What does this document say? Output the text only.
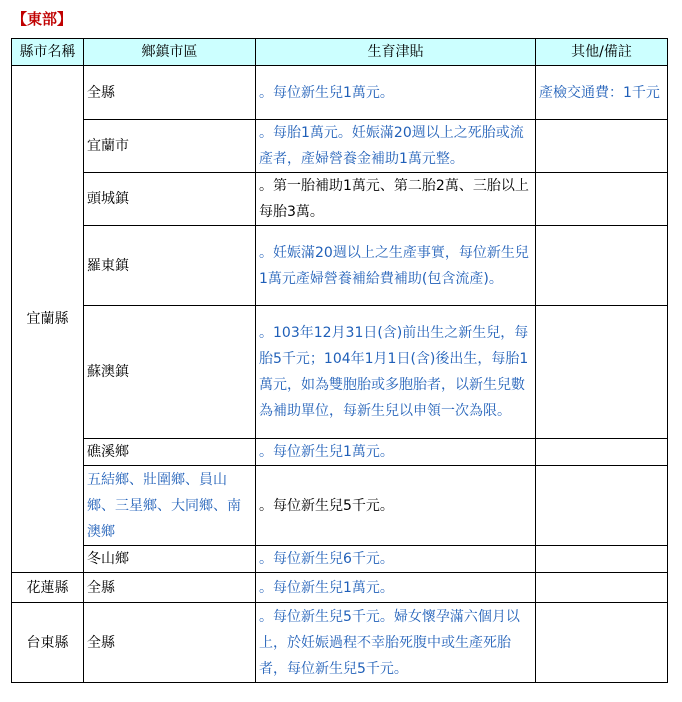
【東部】
縣市名稱	鄉鎮市區	生育津貼	其他/備註
宜蘭縣	全縣	。每位新生兒1萬元。	產檢交通費：1千元
	宜蘭市	。每胎1萬元。妊娠滿20週以上之死胎或流產者，產婦營養金補助1萬元整。	
	頭城鎮	。第一胎補助1萬元、第二胎2萬、三胎以上每胎3萬。	
	羅東鎮	。妊娠滿20週以上之生產事實，每位新生兒1萬元產婦營養補給費補助(包含流產)。	
	蘇澳鎮	。103年12月31日(含)前出生之新生兒，每胎5千元；104年1月1日(含)後出生，每胎1萬元，如為雙胞胎或多胞胎者，以新生兒數為補助單位，每新生兒以申領一次為限。	
	礁溪鄉	。每位新生兒1萬元。	
	五結鄉、壯圍鄉、員山鄉、三星鄉、大同鄉、南澳鄉	。每位新生兒5千元。	
	冬山鄉	。每位新生兒6千元。	
花蓮縣	全縣	。每位新生兒1萬元。	
台東縣	全縣	。每位新生兒5千元。婦女懷孕滿六個月以上，於妊娠過程不幸胎死腹中或生產死胎者，每位新生兒5千元。	
